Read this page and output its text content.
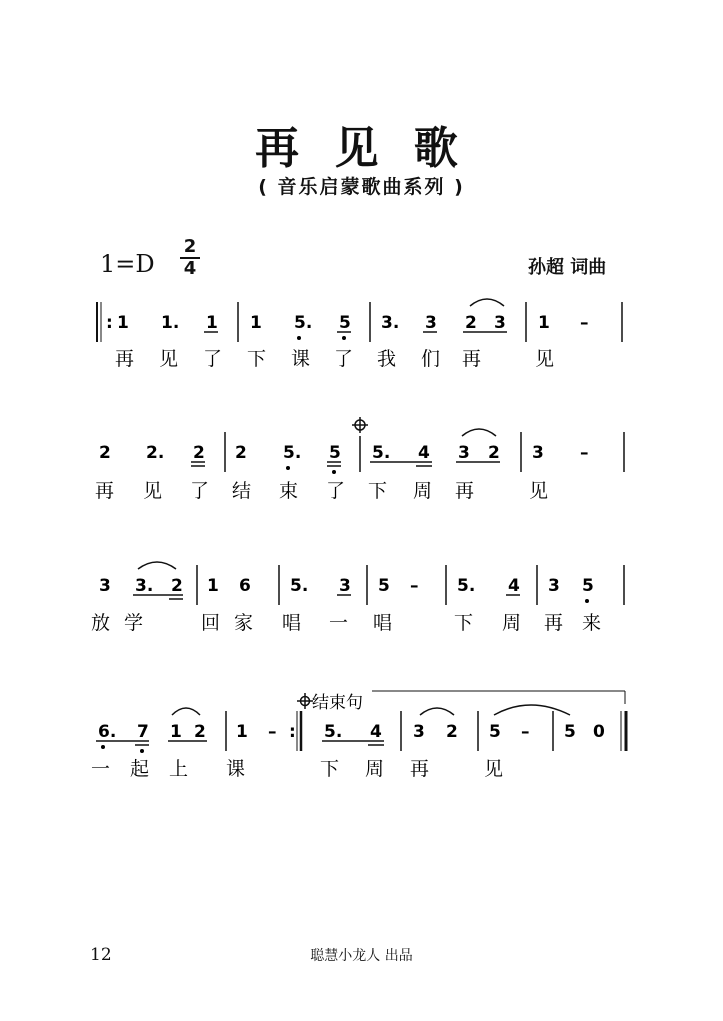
再 见 歌
( 音乐启蒙歌曲系列 )
1=D
2
4	孙超 词曲
: 1 1. 1 1 5. 5 3. 3 2 3 1 –
再 见 了 下 课 了 我 们 再	见
2 2. 2 2 5. 5 5. 4 3 2 3 –
再 见 了 结 束 了 下 周 再	见
3 3. 2 1 6 5. 3 5 – 5. 4 3 5
放 学	回 家 唱 一 唱	下 周 再 来
6. 7 1 2 1 – :
结束句
5. 4 3 2 5 – 5 0
一 起 上 课	下 周 再	见
12	聪慧小龙人 出品
